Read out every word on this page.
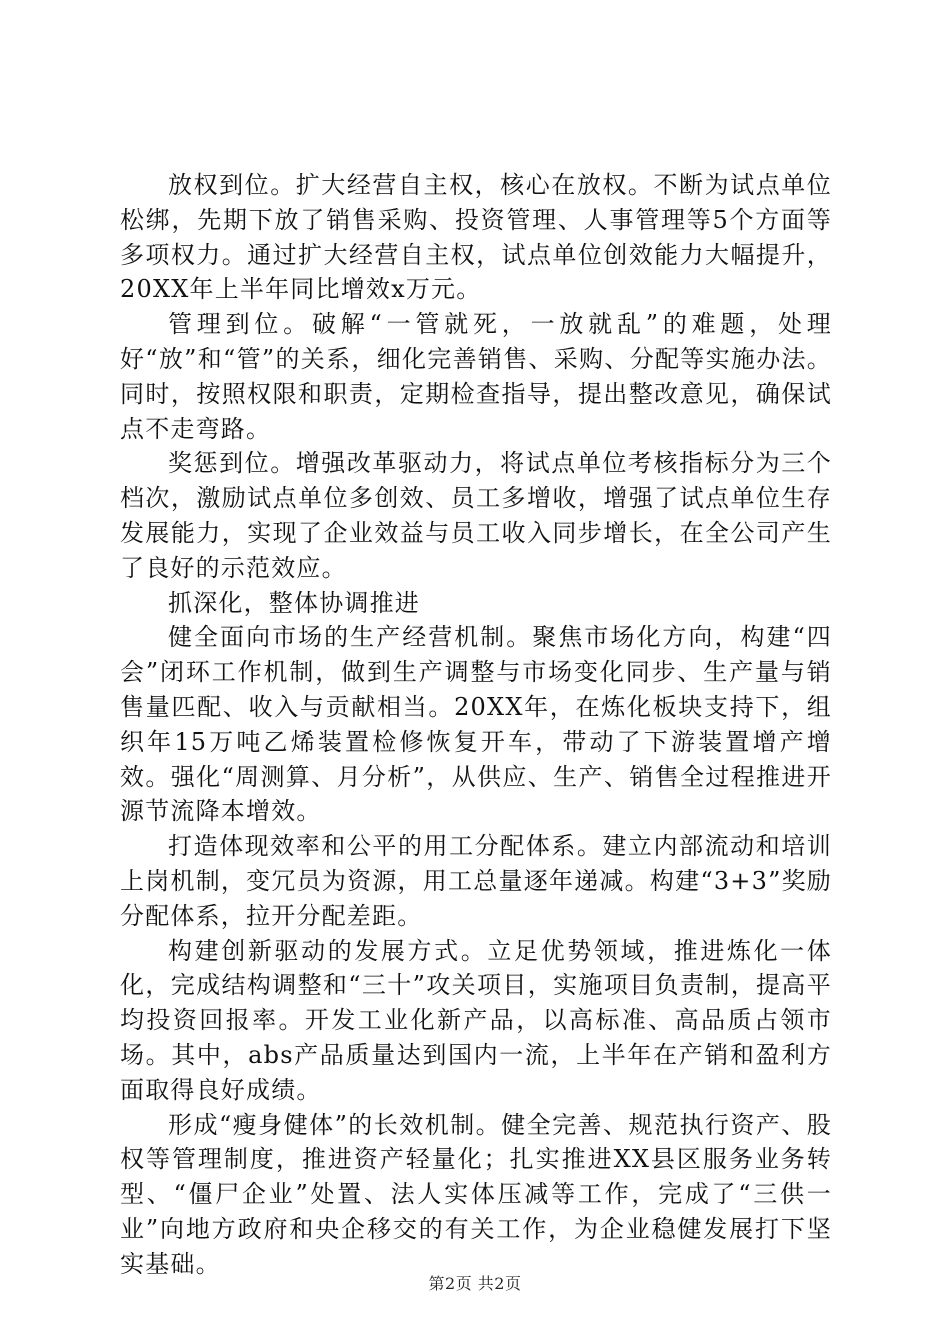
放权到位。扩大经营自主权，核心在放权。不断为试点单位松绑，先期下放了销售采购、投资管理、人事管理等5个方面等多项权力。通过扩大经营自主权，试点单位创效能力大幅提升，20XX年上半年同比增效x万元。

管理到位。破解“一管就死，一放就乱”的难题，处理好“放”和“管”的关系，细化完善销售、采购、分配等实施办法。同时，按照权限和职责，定期检查指导，提出整改意见，确保试点不走弯路。

奖惩到位。增强改革驱动力，将试点单位考核指标分为三个档次，激励试点单位多创效、员工多增收，增强了试点单位生存发展能力，实现了企业效益与员工收入同步增长，在全公司产生了良好的示范效应。

抓深化，整体协调推进

健全面向市场的生产经营机制。聚焦市场化方向，构建“四会”闭环工作机制，做到生产调整与市场变化同步、生产量与销售量匹配、收入与贡献相当。20XX年，在炼化板块支持下，组织年15万吨乙烯装置检修恢复开车，带动了下游装置增产增效。强化“周测算、月分析”，从供应、生产、销售全过程推进开源节流降本增效。

打造体现效率和公平的用工分配体系。建立内部流动和培训上岗机制，变冗员为资源，用工总量逐年递减。构建“3+3”奖励分配体系，拉开分配差距。

构建创新驱动的发展方式。立足优势领域，推进炼化一体化，完成结构调整和“三十”攻关项目，实施项目负责制，提高平均投资回报率。开发工业化新产品，以高标准、高品质占领市场。其中，abs产品质量达到国内一流，上半年在产销和盈利方面取得良好成绩。

形成“瘦身健体”的长效机制。健全完善、规范执行资产、股权等管理制度，推进资产轻量化；扎实推进XX县区服务业务转型、“僵尸企业”处置、法人实体压减等工作，完成了“三供一业”向地方政府和央企移交的有关工作，为企业稳健发展打下坚实基础。

第2页 共2页
